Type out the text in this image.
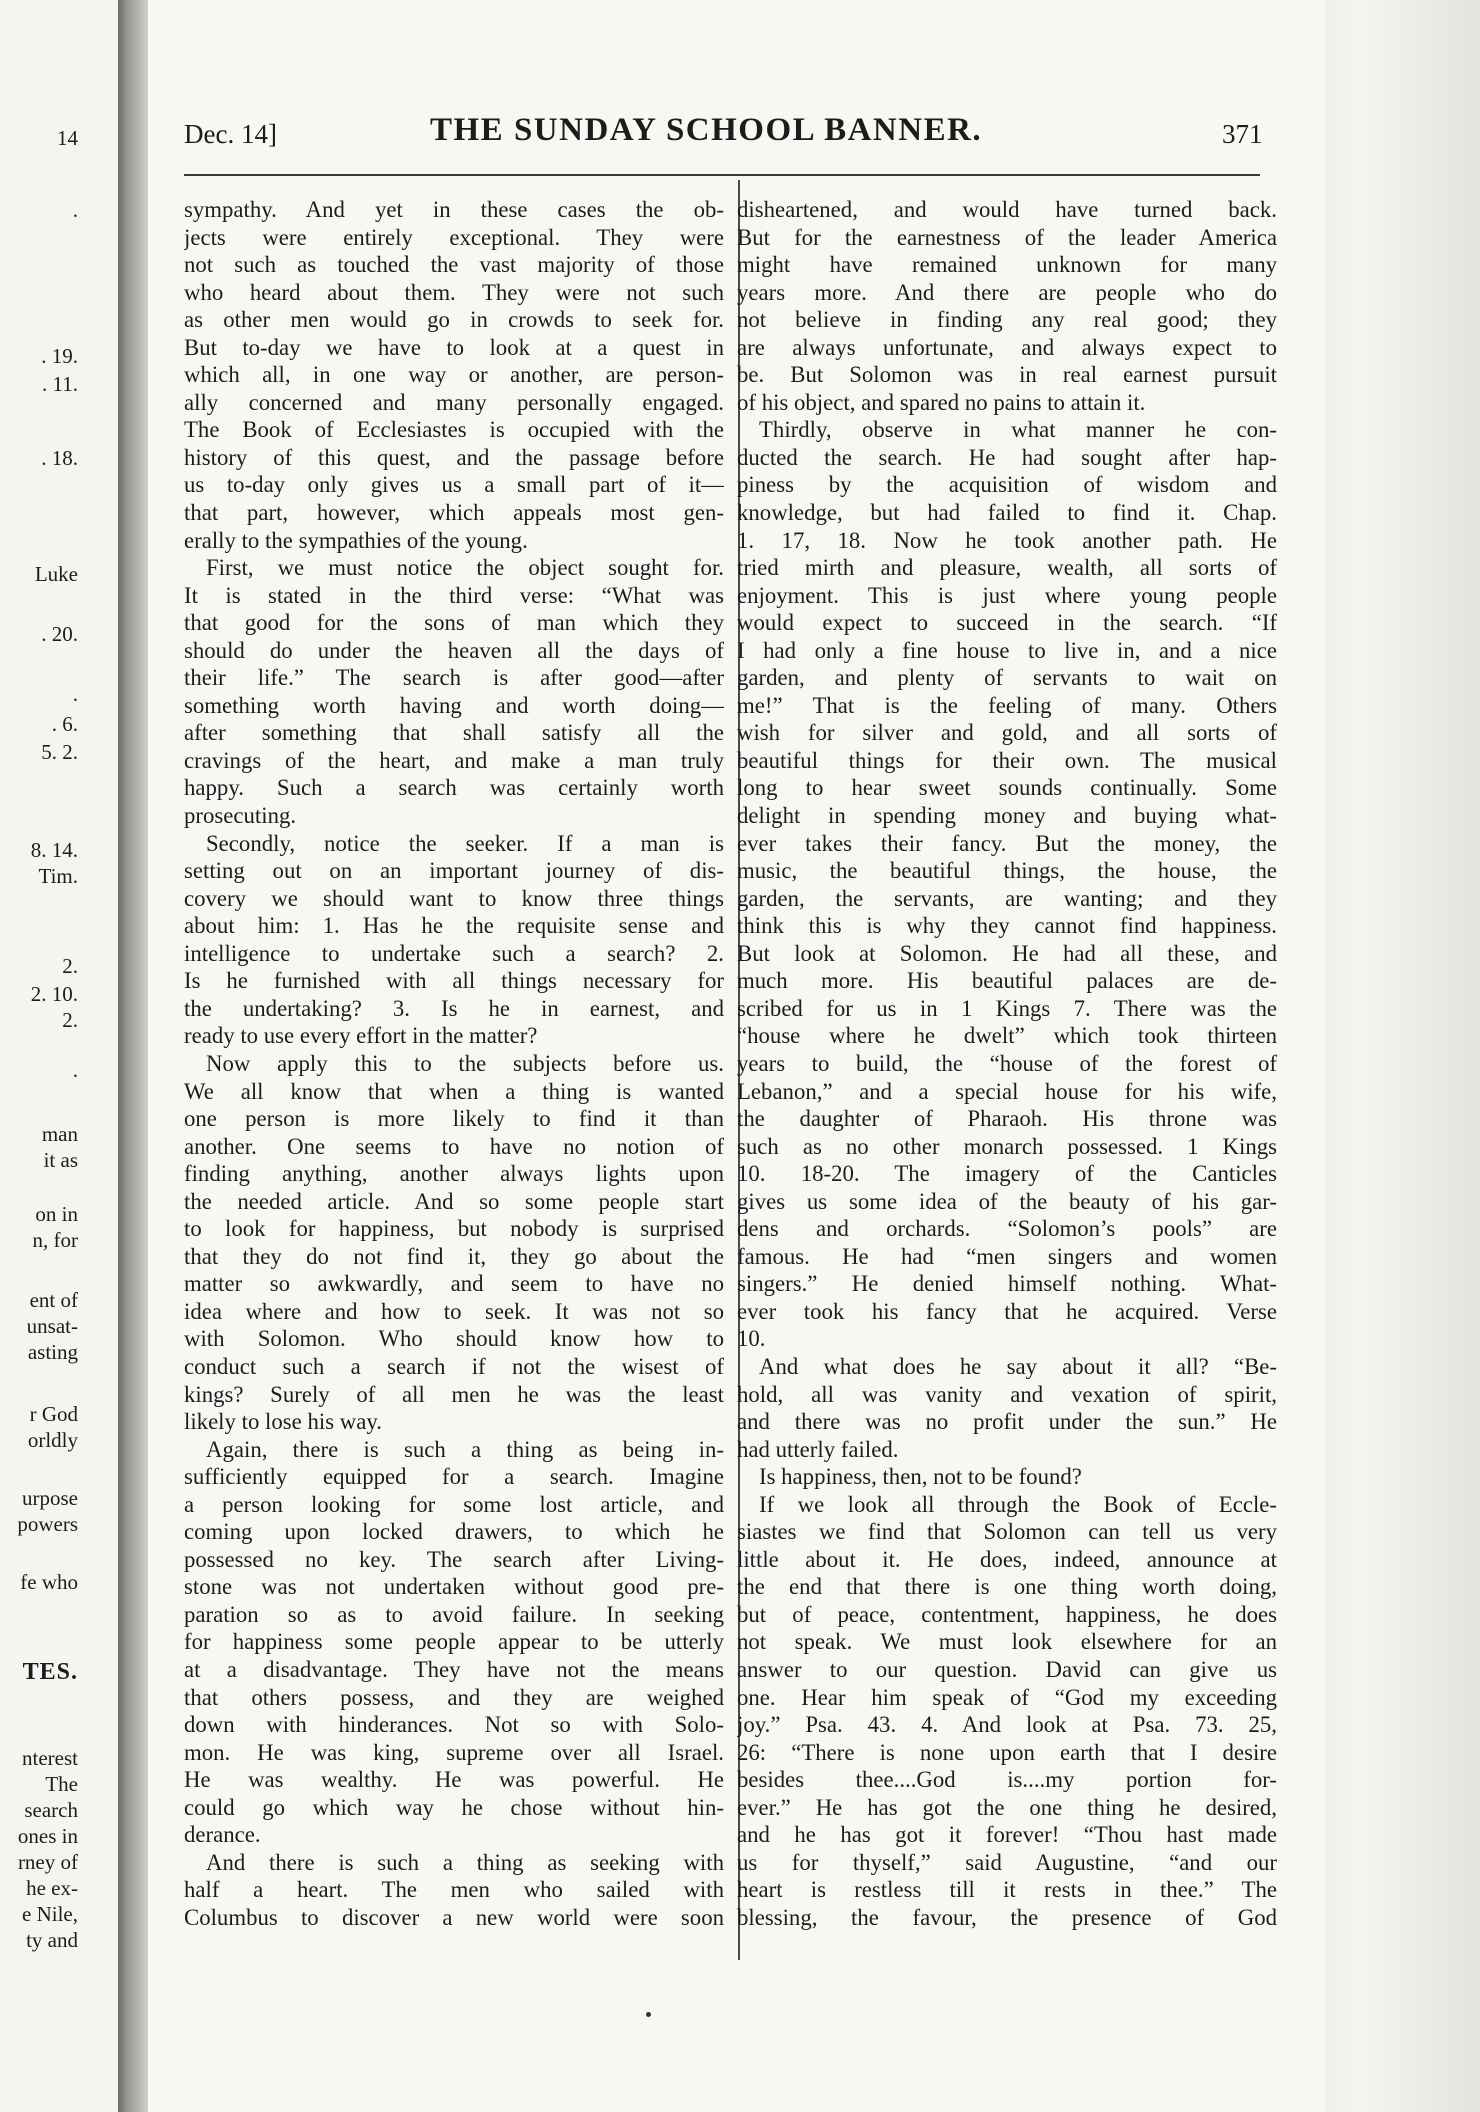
14
.
. 19.
. 11.
. 18.
Luke
. 20.
.
. 6.
5. 2.
8. 14.
Tim.
2.
2. 10.
2.
.
man
it as
on in
n, for
ent of
unsat-
asting
r God
orldly
urpose
powers
fe who
TES.
nterest
The
search
ones in
rney of
he ex-
e Nile,
ty and
Dec. 14]	THE SUNDAY SCHOOL BANNER.	371
sympathy. And yet in these cases the ob-
jects were entirely exceptional. They were
not such as touched the vast majority of those
who heard about them. They were not such
as other men would go in crowds to seek for.
But to-day we have to look at a quest in
which all, in one way or another, are person-
ally concerned and many personally engaged.
The Book of Ecclesiastes is occupied with the
history of this quest, and the passage before
us to-day only gives us a small part of it—
that part, however, which appeals most gen-
erally to the sympathies of the young.
First, we must notice the object sought for.
It is stated in the third verse: “What was
that good for the sons of man which they
should do under the heaven all the days of
their life.” The search is after good—after
something worth having and worth doing—
after something that shall satisfy all the
cravings of the heart, and make a man truly
happy. Such a search was certainly worth
prosecuting.
Secondly, notice the seeker. If a man is
setting out on an important journey of dis-
covery we should want to know three things
about him: 1. Has he the requisite sense and
intelligence to undertake such a search? 2.
Is he furnished with all things necessary for
the undertaking? 3. Is he in earnest, and
ready to use every effort in the matter?
Now apply this to the subjects before us.
We all know that when a thing is wanted
one person is more likely to find it than
another. One seems to have no notion of
finding anything, another always lights upon
the needed article. And so some people start
to look for happiness, but nobody is surprised
that they do not find it, they go about the
matter so awkwardly, and seem to have no
idea where and how to seek. It was not so
with Solomon. Who should know how to
conduct such a search if not the wisest of
kings? Surely of all men he was the least
likely to lose his way.
Again, there is such a thing as being in-
sufficiently equipped for a search. Imagine
a person looking for some lost article, and
coming upon locked drawers, to which he
possessed no key. The search after Living-
stone was not undertaken without good pre-
paration so as to avoid failure. In seeking
for happiness some people appear to be utterly
at a disadvantage. They have not the means
that others possess, and they are weighed
down with hinderances. Not so with Solo-
mon. He was king, supreme over all Israel.
He was wealthy. He was powerful. He
could go which way he chose without hin-
derance.
And there is such a thing as seeking with
half a heart. The men who sailed with
Columbus to discover a new world were soon
disheartened, and would have turned back.
But for the earnestness of the leader America
might have remained unknown for many
years more. And there are people who do
not believe in finding any real good; they
are always unfortunate, and always expect to
be. But Solomon was in real earnest pursuit
of his object, and spared no pains to attain it.
Thirdly, observe in what manner he con-
ducted the search. He had sought after hap-
piness by the acquisition of wisdom and
knowledge, but had failed to find it. Chap.
1. 17, 18. Now he took another path. He
tried mirth and pleasure, wealth, all sorts of
enjoyment. This is just where young people
would expect to succeed in the search. “If
I had only a fine house to live in, and a nice
garden, and plenty of servants to wait on
me!” That is the feeling of many. Others
wish for silver and gold, and all sorts of
beautiful things for their own. The musical
long to hear sweet sounds continually. Some
delight in spending money and buying what-
ever takes their fancy. But the money, the
music, the beautiful things, the house, the
garden, the servants, are wanting; and they
think this is why they cannot find happiness.
But look at Solomon. He had all these, and
much more. His beautiful palaces are de-
scribed for us in 1 Kings 7. There was the
“house where he dwelt” which took thirteen
years to build, the “house of the forest of
Lebanon,” and a special house for his wife,
the daughter of Pharaoh. His throne was
such as no other monarch possessed. 1 Kings
10. 18-20. The imagery of the Canticles
gives us some idea of the beauty of his gar-
dens and orchards. “Solomon’s pools” are
famous. He had “men singers and women
singers.” He denied himself nothing. What-
ever took his fancy that he acquired. Verse
10.
And what does he say about it all? “Be-
hold, all was vanity and vexation of spirit,
and there was no profit under the sun.” He
had utterly failed.
Is happiness, then, not to be found?
If we look all through the Book of Eccle-
siastes we find that Solomon can tell us very
little about it. He does, indeed, announce at
the end that there is one thing worth doing,
but of peace, contentment, happiness, he does
not speak. We must look elsewhere for an
answer to our question. David can give us
one. Hear him speak of “God my exceeding
joy.” Psa. 43. 4. And look at Psa. 73. 25,
26: “There is none upon earth that I desire
besides thee....God is....my portion for-
ever.” He has got the one thing he desired,
and he has got it forever! “Thou hast made
us for thyself,” said Augustine, “and our
heart is restless till it rests in thee.” The
blessing, the favour, the presence of God
